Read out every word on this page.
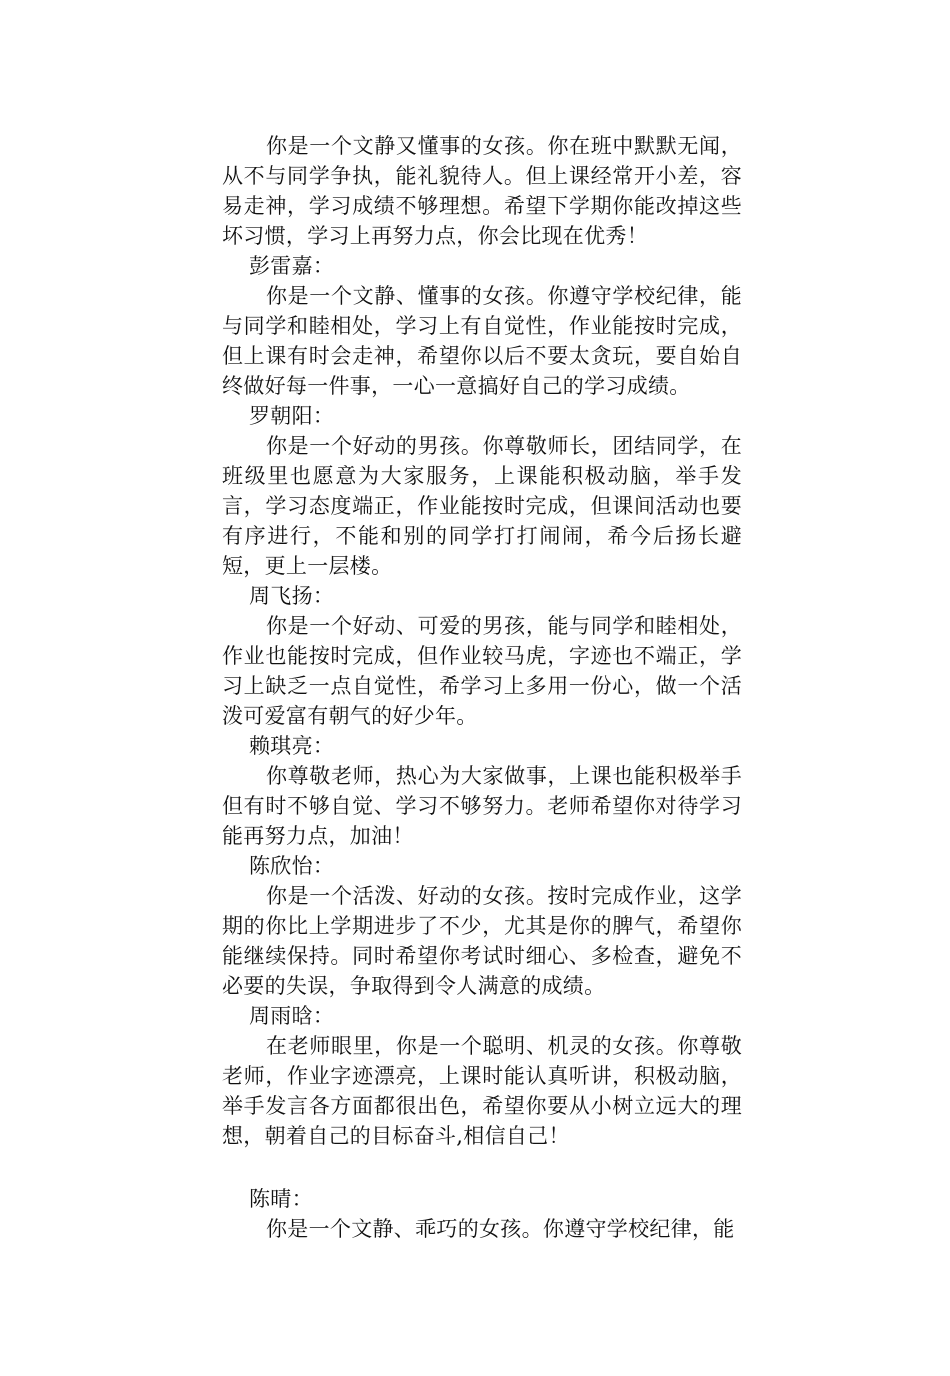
你是一个文静又懂事的女孩。你在班中默默无闻，从不与同学争执，能礼貌待人。但上课经常开小差，容易走神，学习成绩不够理想。希望下学期你能改掉这些坏习惯，学习上再努力点，你会比现在优秀！

彭雷嘉：

你是一个文静、懂事的女孩。你遵守学校纪律，能与同学和睦相处，学习上有自觉性，作业能按时完成，但上课有时会走神，希望你以后不要太贪玩，要自始自终做好每一件事，一心一意搞好自己的学习成绩。

罗朝阳：

你是一个好动的男孩。你尊敬师长，团结同学，在班级里也愿意为大家服务，上课能积极动脑，举手发言，学习态度端正，作业能按时完成，但课间活动也要有序进行，不能和别的同学打打闹闹，希今后扬长避短，更上一层楼。

周飞扬：

你是一个好动、可爱的男孩，能与同学和睦相处，作业也能按时完成，但作业较马虎，字迹也不端正，学习上缺乏一点自觉性，希学习上多用一份心，做一个活泼可爱富有朝气的好少年。

赖琪亮：

你尊敬老师，热心为大家做事，上课也能积极举手但有时不够自觉、学习不够努力。老师希望你对待学习能再努力点，加油！

陈欣怡：

你是一个活泼、好动的女孩。按时完成作业，这学期的你比上学期进步了不少，尤其是你的脾气，希望你能继续保持。同时希望你考试时细心、多检查，避免不必要的失误，争取得到令人满意的成绩。

周雨晗：

在老师眼里，你是一个聪明、机灵的女孩。你尊敬老师，作业字迹漂亮，上课时能认真听讲，积极动脑，举手发言各方面都很出色，希望你要从小树立远大的理想，朝着自己的目标奋斗,相信自己！

陈晴：

你是一个文静、乖巧的女孩。你遵守学校纪律，能
